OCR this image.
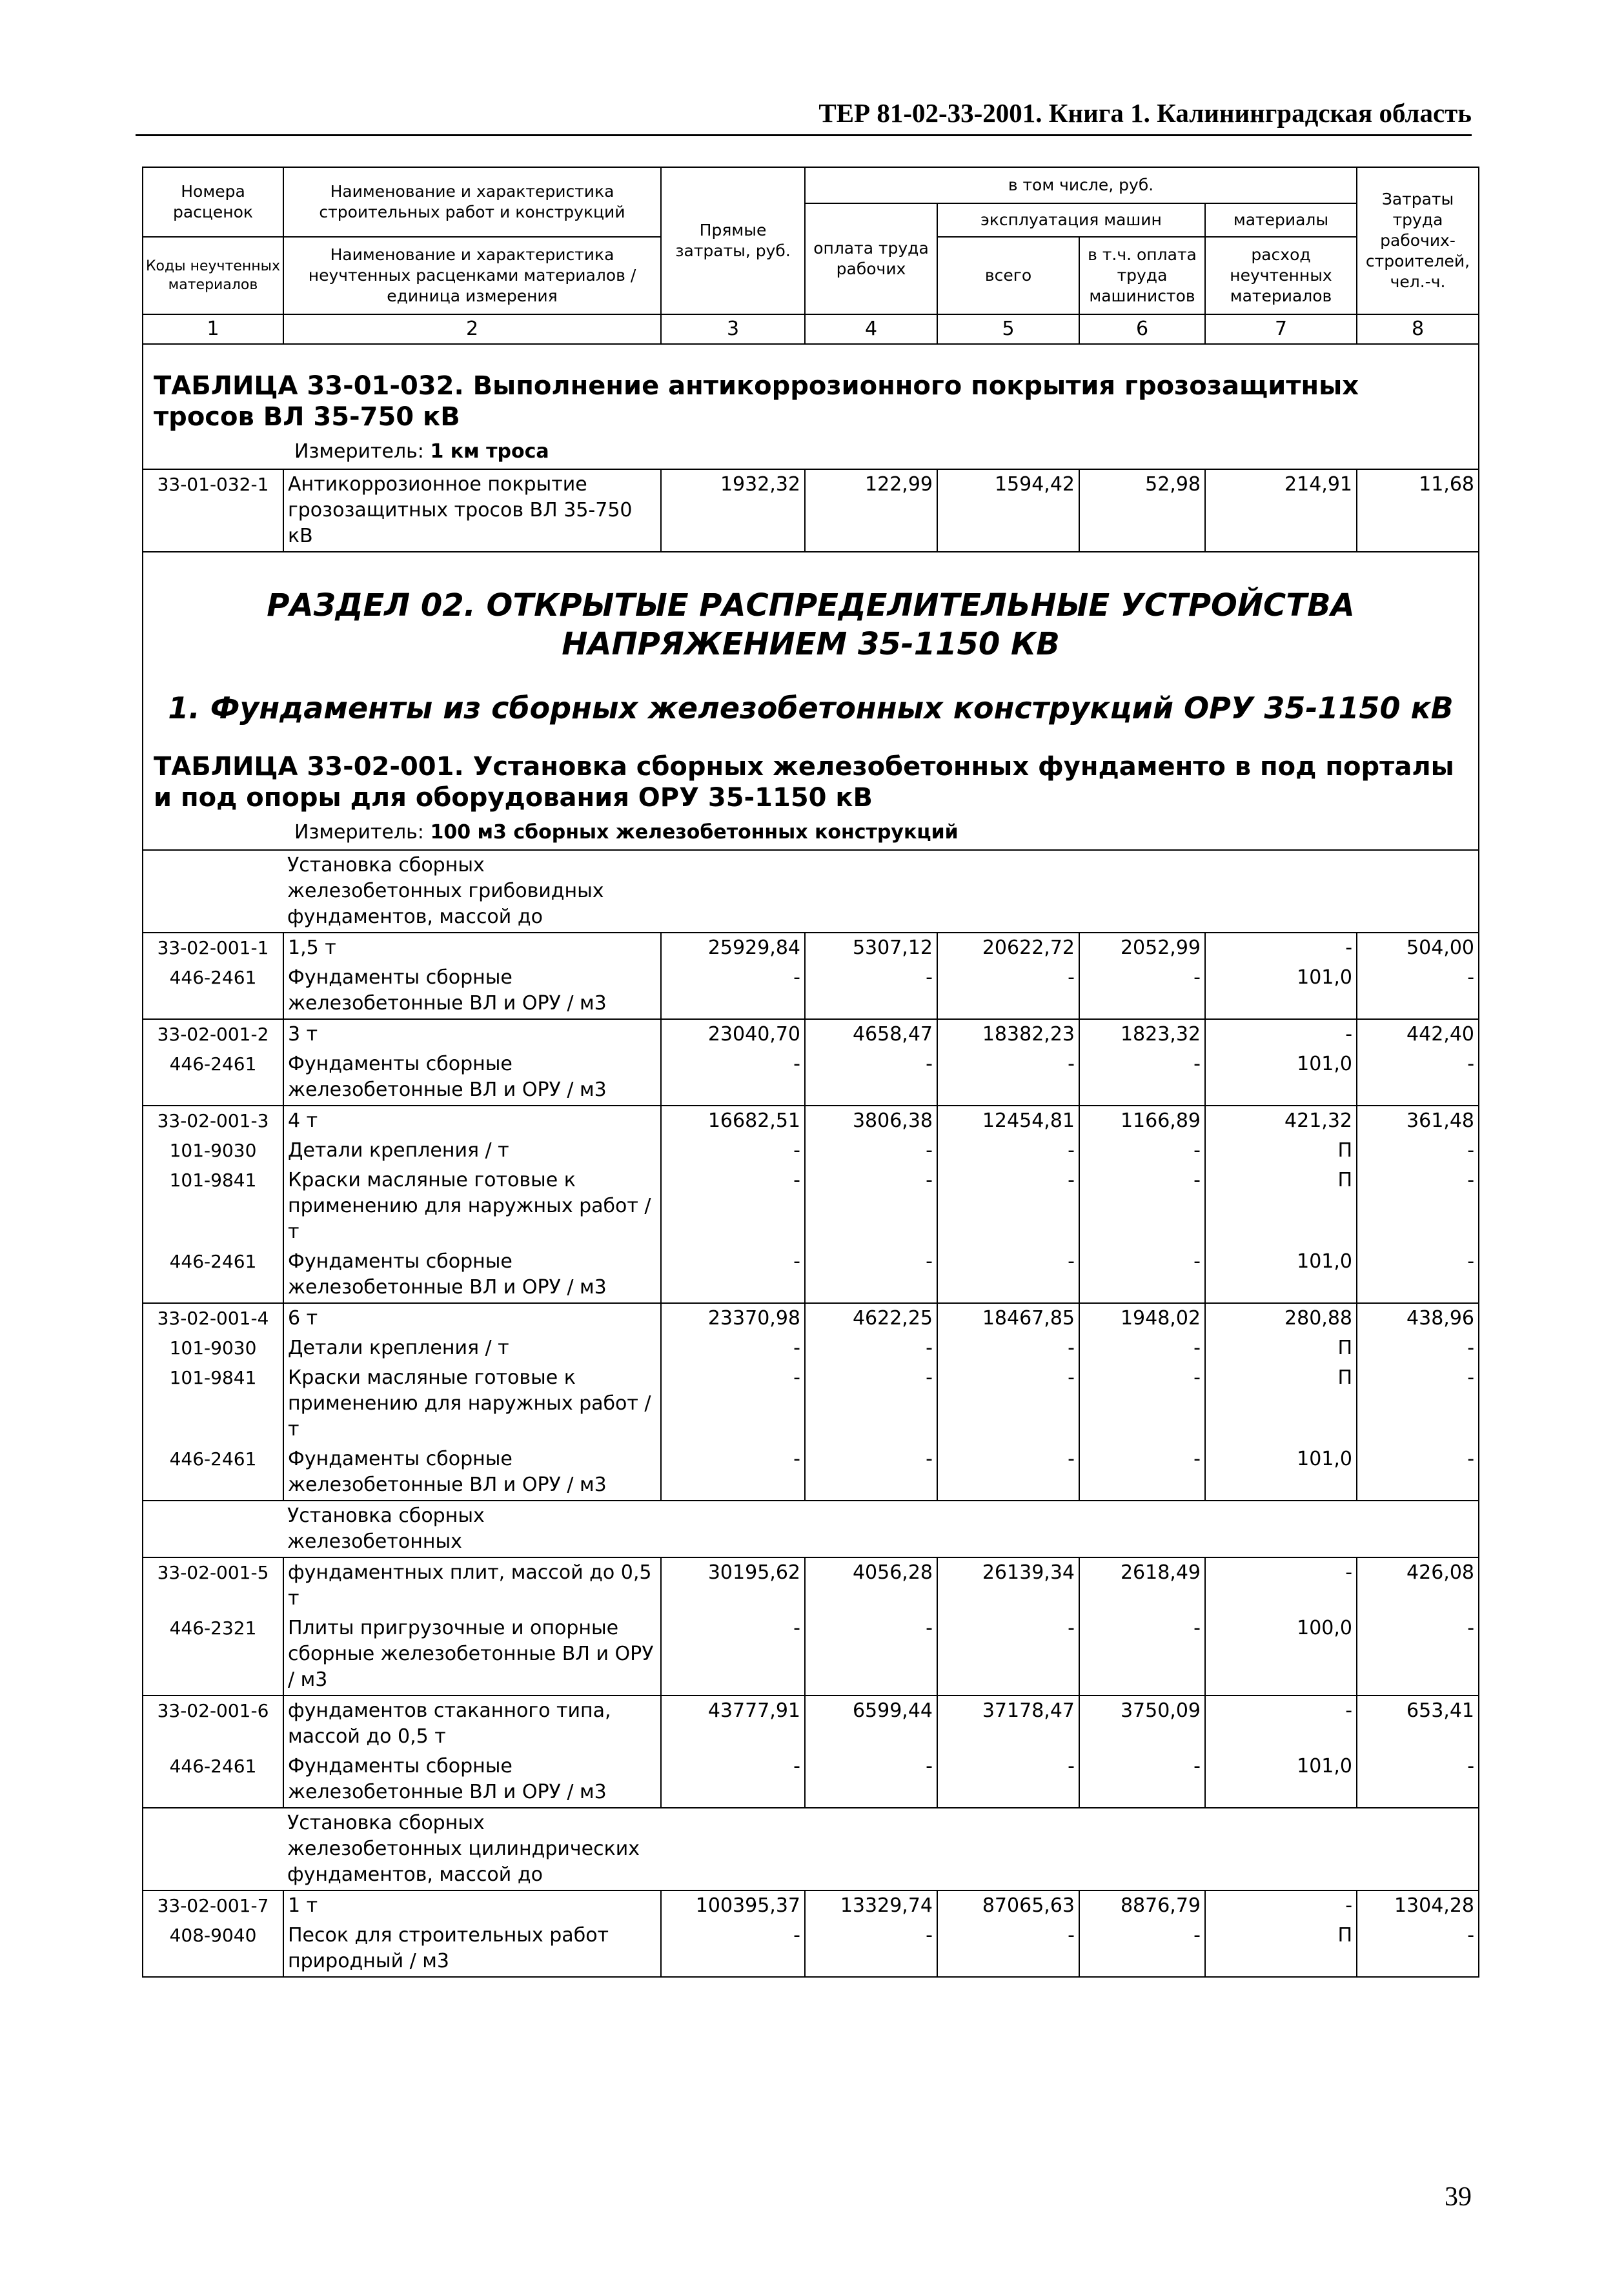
ТЕР 81-02-33-2001. Книга 1. Калининградская область
Номера расценок	Наименование и характеристика строительных работ и конструкций	Прямые затраты, руб.	в том числе, руб.				Затраты труда рабочих-строителей, чел.-ч.
			оплата труда рабочих	эксплуатация машин		материалы	
Коды неучтенных материалов	Наименование и характеристика неучтенных расценками материалов / единица измерения			всего	в т.ч. оплата труда машинистов	расход неучтенных материалов	

1	2	3	4	5	6	7	8

ТАБЛИЦА 33-01-032. Выполнение антикоррозионного покрытия грозозащитных тросов ВЛ 35-750 кВ
Измеритель: 1 км троса							

33-01-032-1	Антикоррозионное покрытие грозозащитных тросов ВЛ 35-750 кВ	1932,32	122,99	1594,42	52,98	214,91	11,68

РАЗДЕЛ 02. ОТКРЫТЫЕ РАСПРЕДЕЛИТЕЛЬНЫЕ УСТРОЙСТВА НАПРЯЖЕНИЕМ 35-1150 КВ
1. Фундаменты из сборных железобетонных конструкций ОРУ 35-1150 кВ
ТАБЛИЦА 33-02-001. Установка сборных железобетонных фундаменто в под порталы и под опоры для оборудования ОРУ 35-1150 кВ
Измеритель: 100 м3 сборных железобетонных конструкций							

	Установка сборных железобетонных грибовидных фундаментов, массой до						

33-02-001-1	1,5 т	25929,84	5307,12	20622,72	2052,99	-	504,00
446-2461	Фундаменты сборные железобетонные ВЛ и ОРУ / м3	-	-	-	-	101,0	-
33-02-001-2	3 т	23040,70	4658,47	18382,23	1823,32	-	442,40
446-2461	Фундаменты сборные железобетонные ВЛ и ОРУ / м3	-	-	-	-	101,0	-
33-02-001-3	4 т	16682,51	3806,38	12454,81	1166,89	421,32	361,48
101-9030	Детали крепления / т	-	-	-	-	П	-
101-9841	Краски масляные готовые к применению для наружных работ / т	-	-	-	-	П	-
446-2461	Фундаменты сборные железобетонные ВЛ и ОРУ / м3	-	-	-	-	101,0	-
33-02-001-4	6 т	23370,98	4622,25	18467,85	1948,02	280,88	438,96
101-9030	Детали крепления / т	-	-	-	-	П	-
101-9841	Краски масляные готовые к применению для наружных работ / т	-	-	-	-	П	-
446-2461	Фундаменты сборные железобетонные ВЛ и ОРУ / м3	-	-	-	-	101,0	-

	Установка сборных железобетонных						

33-02-001-5	фундаментных плит, массой до 0,5 т	30195,62	4056,28	26139,34	2618,49	-	426,08
446-2321	Плиты пригрузочные и опорные сборные железобетонные ВЛ и ОРУ / м3	-	-	-	-	100,0	-
33-02-001-6	фундаментов стаканного типа, массой до 0,5 т	43777,91	6599,44	37178,47	3750,09	-	653,41
446-2461	Фундаменты сборные железобетонные ВЛ и ОРУ / м3	-	-	-	-	101,0	-

	Установка сборных железобетонных цилиндрических фундаментов, массой до						

33-02-001-7	1 т	100395,37	13329,74	87065,63	8876,79	-	1304,28
408-9040	Песок для строительных работ природный / м3	-	-	-	-	П	-
39
